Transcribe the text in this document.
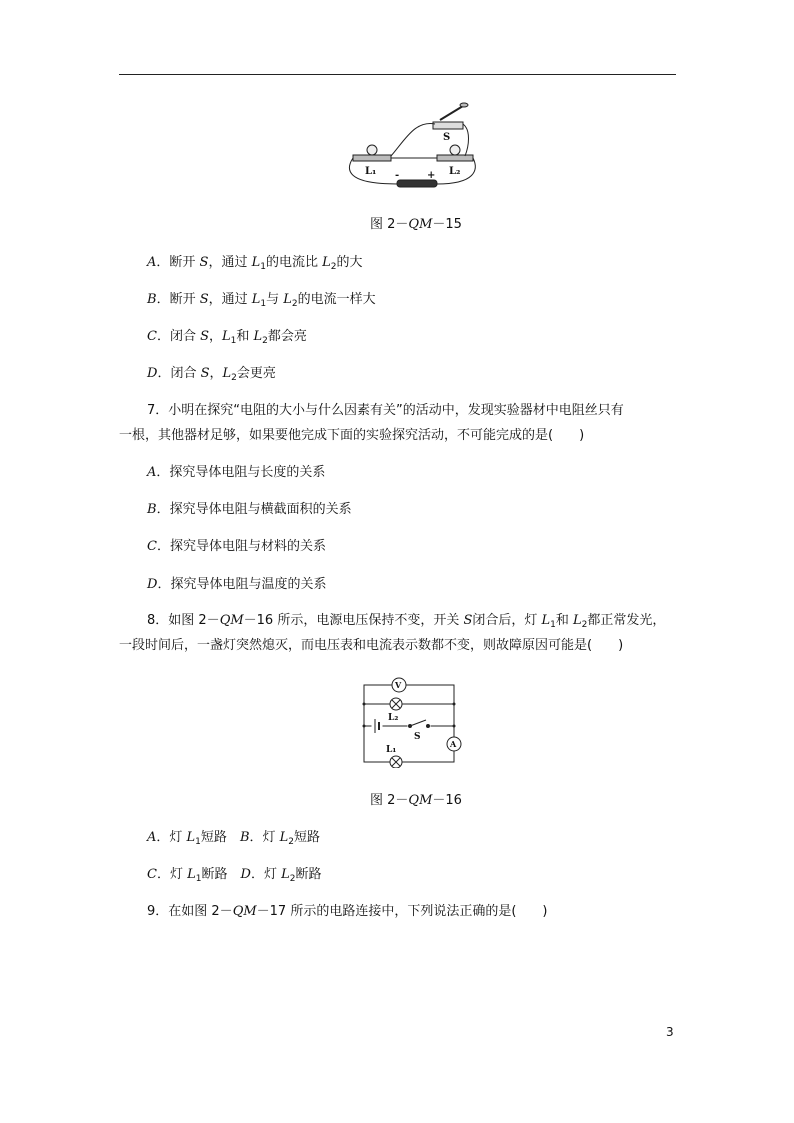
S
L₁	L₂
-	+
图 2－QM－15
A．断开 S，通过 $L_1$的电流比 $L_2$的大
B．断开 S，通过 $L_1$与 $L_2$的电流一样大
C．闭合 S，$L_1$和 $L_2$都会亮
D．闭合 S，$L_2$会更亮
7．小明在探究“电阻的大小与什么因素有关”的活动中，发现实验器材中电阻丝只有
一根，其他器材足够，如果要他完成下面的实验探究活动，不可能完成的是(　　)
A．探究导体电阻与长度的关系
B．探究导体电阻与横截面积的关系
C．探究导体电阻与材料的关系
D．探究导体电阻与温度的关系
8．如图 2－QM－16 所示，电源电压保持不变，开关 S闭合后，灯 $L_1$和 $L_2$都正常发光，
一段时间后，一盏灯突然熄灭，而电压表和电流表示数都不变，则故障原因可能是(　　)
V
A
L₂
S
L₁
图 2－QM－16
A．灯 $L_1$短路　 B．灯 $L_2$短路
C．灯 $L_1$断路　 D．灯 $L_2$断路
9．在如图 2－QM－17 所示的电路连接中，下列说法正确的是(　　)
3
